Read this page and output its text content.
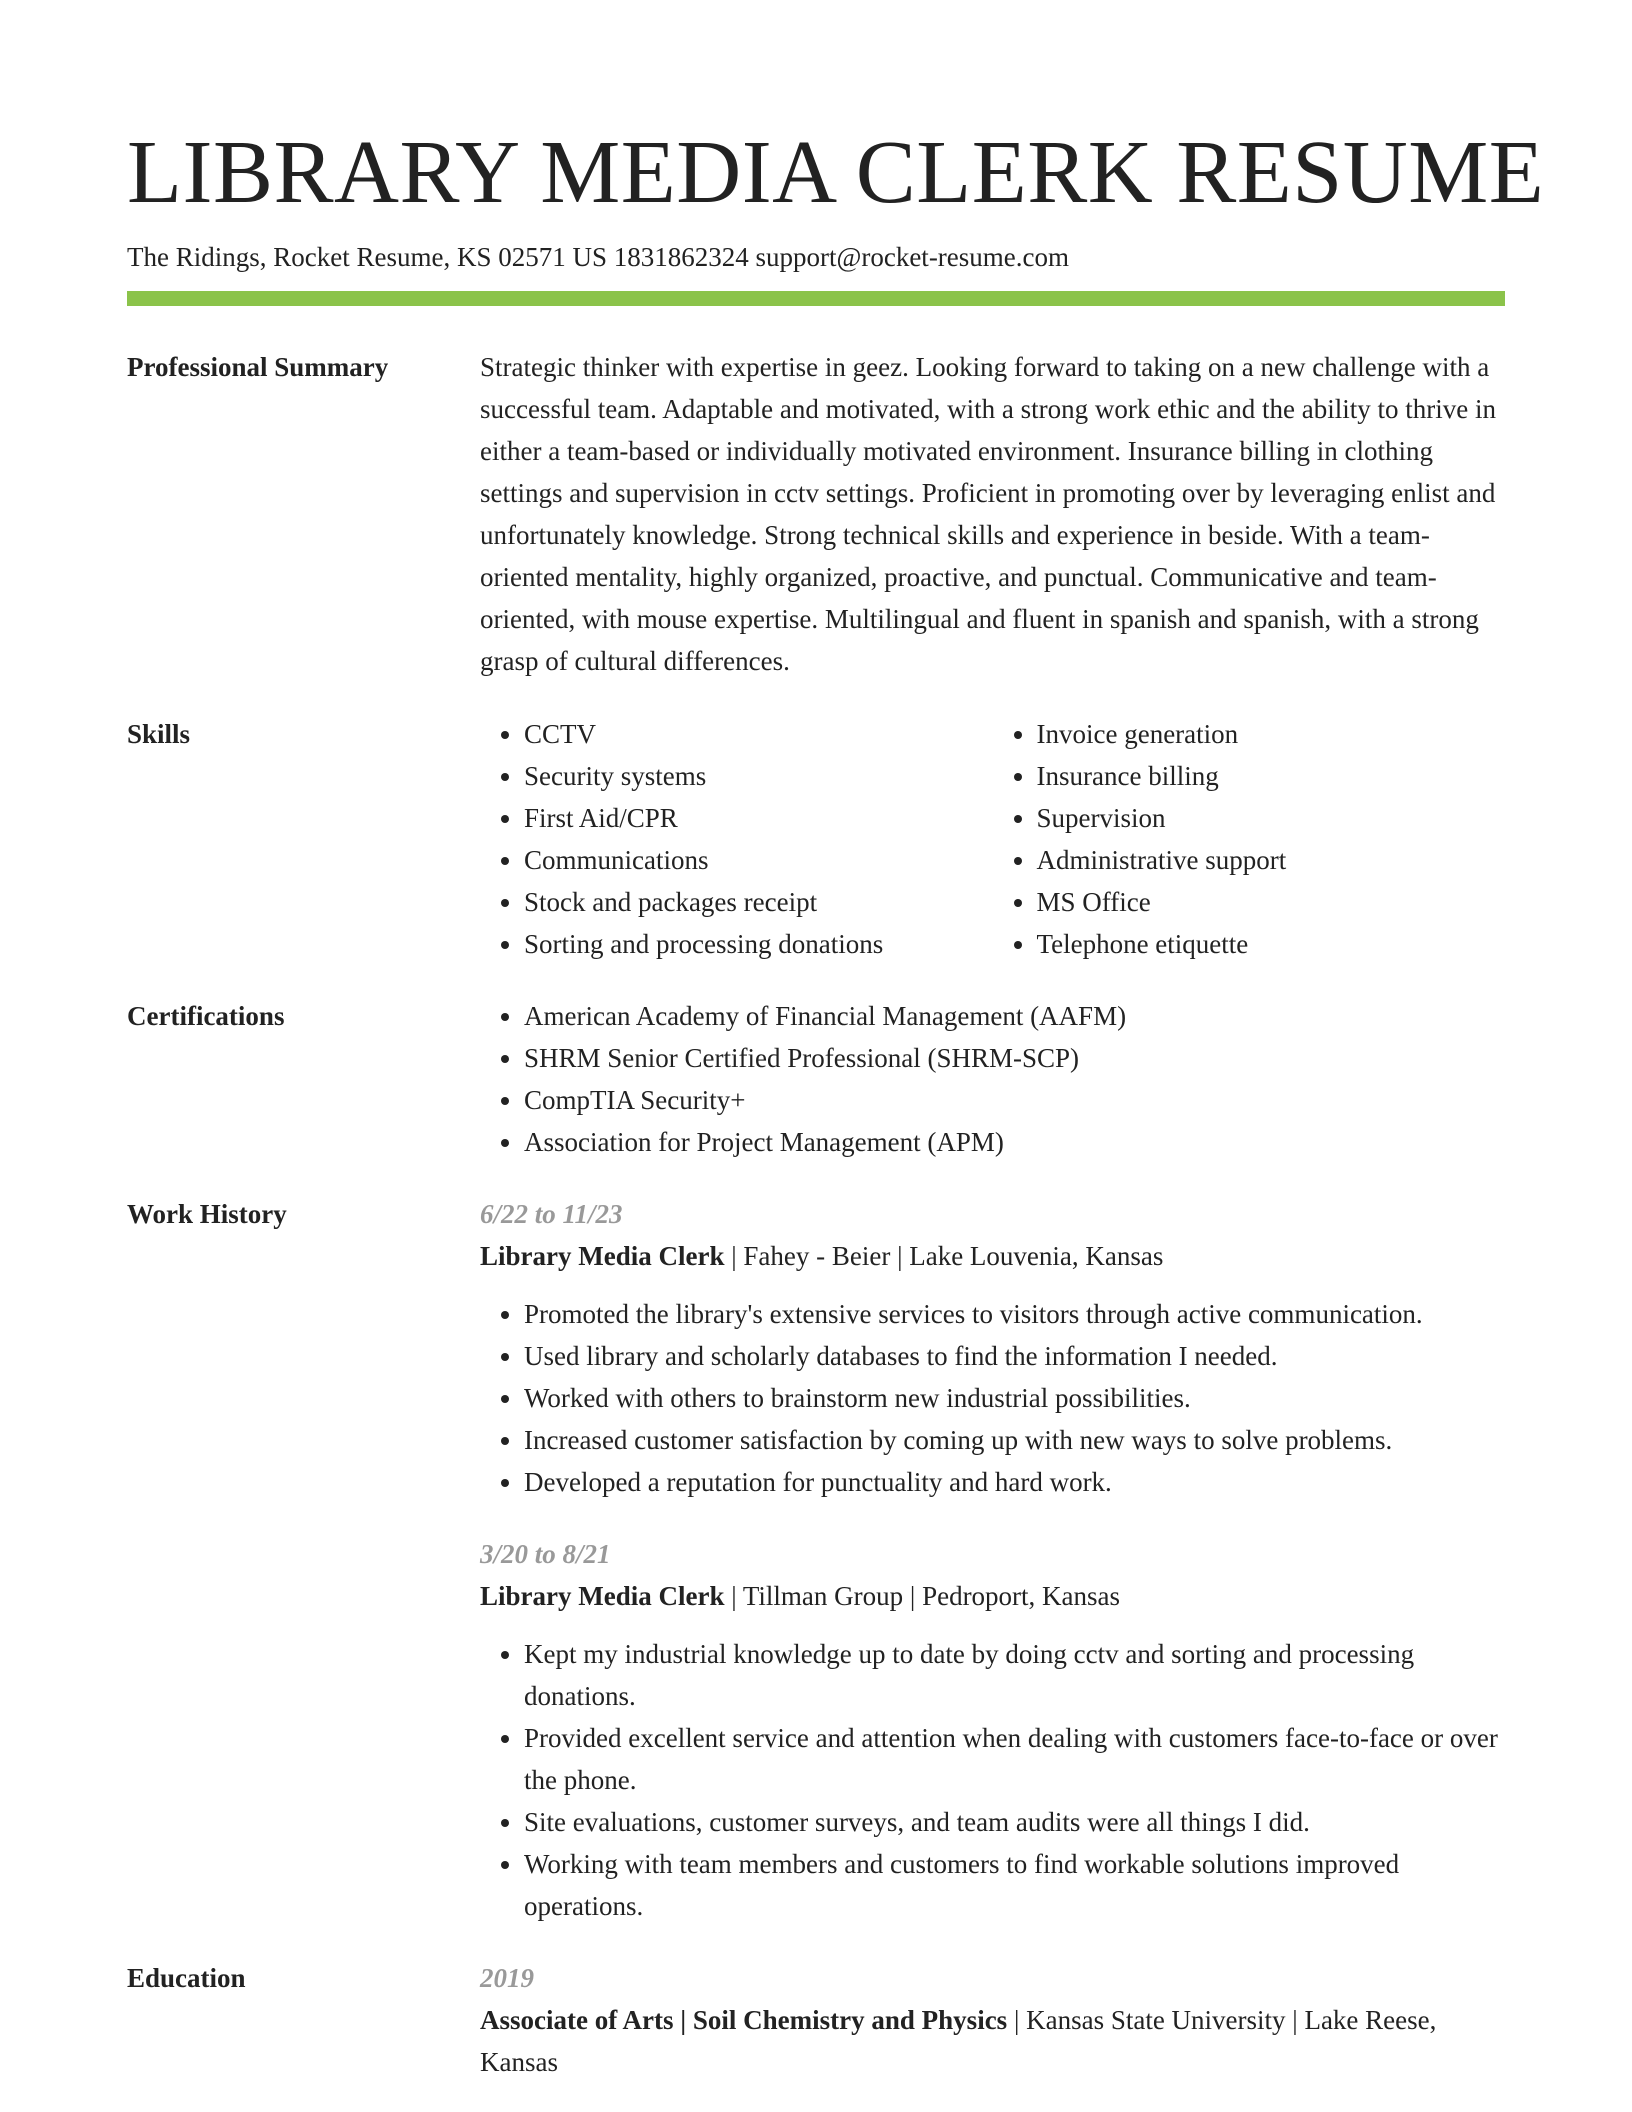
LIBRARY MEDIA CLERK RESUME
The Ridings, Rocket Resume, KS 02571 US 1831862324 support@rocket-resume.com
Professional Summary	Strategic thinker with expertise in geez. Looking forward to taking on a new challenge with a successful team. Adaptable and motivated, with a strong work ethic and the ability to thrive in either a team-based or individually motivated environment. Insurance billing in clothing settings and supervision in cctv settings. Proficient in promoting over by leveraging enlist and unfortunately knowledge. Strong technical skills and experience in beside. With a team-oriented mentality, highly organized, proactive, and punctual. Communicative and team-oriented, with mouse expertise. Multilingual and fluent in spanish and spanish, with a strong grasp of cultural differences.

Skills	• CCTV
• Security systems
• First Aid/CPR
• Communications
• Stock and packages receipt
• Sorting and processing donations
• Invoice generation
• Insurance billing
• Supervision
• Administrative support
• MS Office
• Telephone etiquette
Certifications	• American Academy of Financial Management (AAFM)
• SHRM Senior Certified Professional (SHRM-SCP)
• CompTIA Security+
• Association for Project Management (APM)
Work History	6/22 to 11/23
Library Media Clerk | Fahey - Beier | Lake Louvenia, Kansas
• Promoted the library's extensive services to visitors through active communication.
• Used library and scholarly databases to find the information I needed.
• Worked with others to brainstorm new industrial possibilities.
• Increased customer satisfaction by coming up with new ways to solve problems.
• Developed a reputation for punctuality and hard work.
3/20 to 8/21
Library Media Clerk | Tillman Group | Pedroport, Kansas
• Kept my industrial knowledge up to date by doing cctv and sorting and processing donations.
• Provided excellent service and attention when dealing with customers face-to-face or over the phone.
• Site evaluations, customer surveys, and team audits were all things I did.
• Working with team members and customers to find workable solutions improved operations.
Education	2019
Associate of Arts | Soil Chemistry and Physics | Kansas State University | Lake Reese, Kansas
